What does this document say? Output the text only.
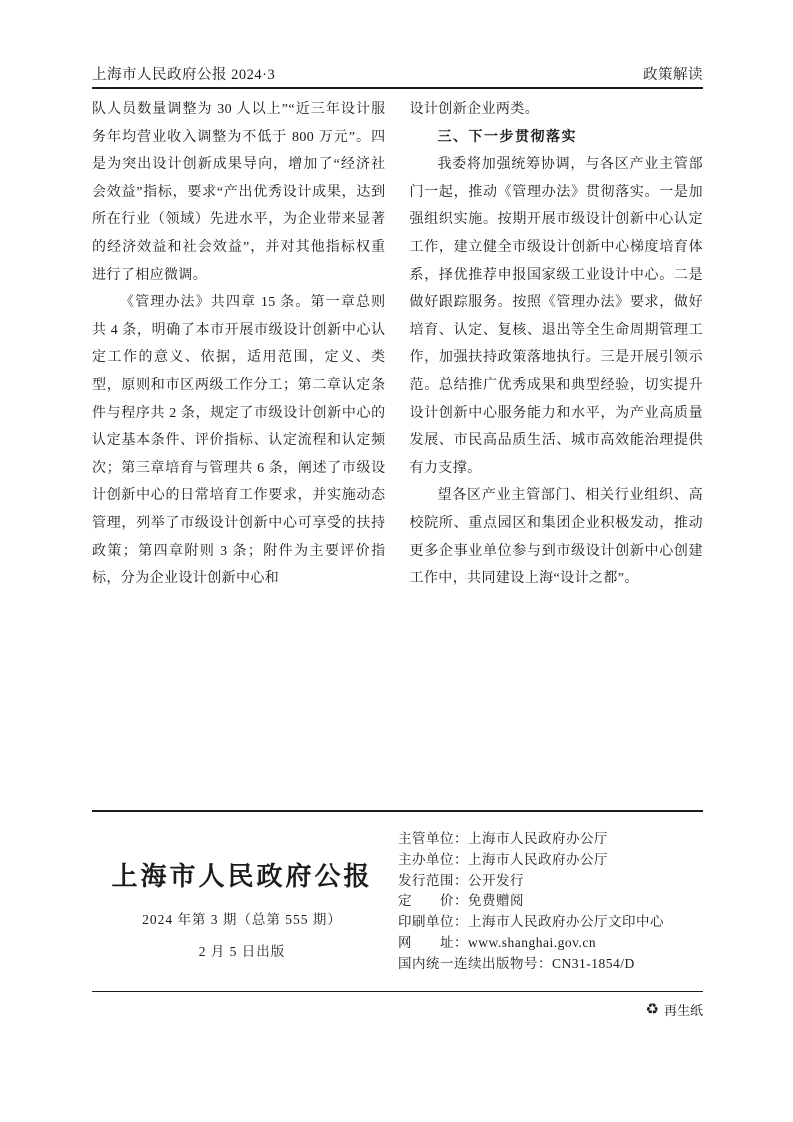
上海市人民政府公报 2024·3	政策解读

队人员数量调整为 30 人以上”“近三年设计服务年均营业收入调整为不低于 800 万元”。四是为突出设计创新成果导向，增加了“经济社会效益”指标，要求“产出优秀设计成果，达到所在行业（领域）先进水平，为企业带来显著的经济效益和社会效益”，并对其他指标权重进行了相应微调。

《管理办法》共四章 15 条。第一章总则共 4 条，明确了本市开展市级设计创新中心认定工作的意义、依据，适用范围，定义、类型，原则和市区两级工作分工；第二章认定条件与程序共 2 条，规定了市级设计创新中心的认定基本条件、评价指标、认定流程和认定频次；第三章培育与管理共 6 条，阐述了市级设计创新中心的日常培育工作要求，并实施动态管理，列举了市级设计创新中心可享受的扶持政策；第四章附则 3 条；附件为主要评价指标，分为企业设计创新中心和

设计创新企业两类。

三、下一步贯彻落实

我委将加强统筹协调，与各区产业主管部门一起，推动《管理办法》贯彻落实。一是加强组织实施。按期开展市级设计创新中心认定工作，建立健全市级设计创新中心梯度培育体系，择优推荐申报国家级工业设计中心。二是做好跟踪服务。按照《管理办法》要求，做好培育、认定、复核、退出等全生命周期管理工作，加强扶持政策落地执行。三是开展引领示范。总结推广优秀成果和典型经验，切实提升设计创新中心服务能力和水平，为产业高质量发展、市民高品质生活、城市高效能治理提供有力支撑。

望各区产业主管部门、相关行业组织、高校院所、重点园区和集团企业积极发动，推动更多企事业单位参与到市级设计创新中心创建工作中，共同建设上海“设计之都”。

上海市人民政府公报
2024 年第 3 期（总第 555 期）
2 月 5 日出版
主管单位：上海市人民政府办公厅
主办单位：上海市人民政府办公厅
发行范围：公开发行
定　　价：免费赠阅
印刷单位：上海市人民政府办公厅文印中心
网　　址：www.shanghai.gov.cn
国内统一连续出版物号：CN31-1854/D
♻ 再生纸
